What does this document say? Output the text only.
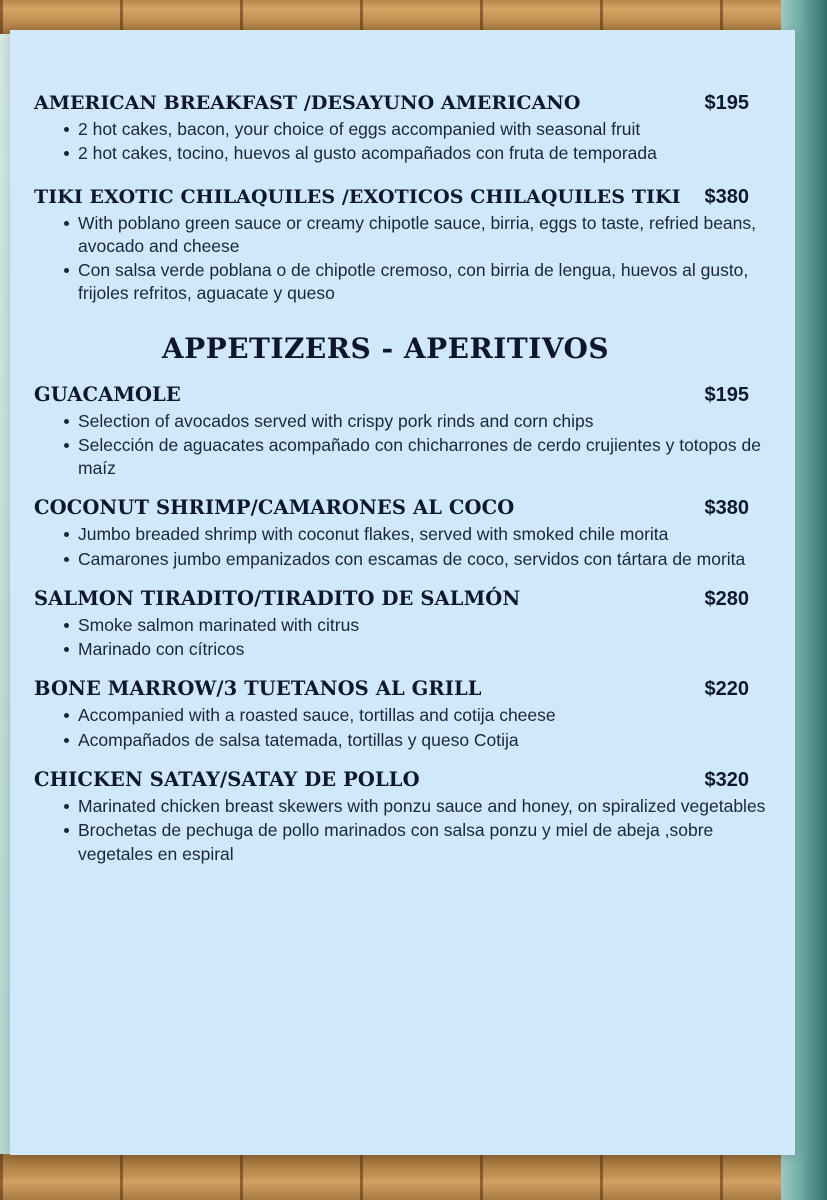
AMERICAN BREAKFAST /DESAYUNO AMERICANO	$195
2 hot cakes, bacon, your choice of eggs accompanied with seasonal fruit
2 hot cakes, tocino, huevos al gusto acompañados con fruta de temporada
TIKI EXOTIC CHILAQUILES /EXOTICOS CHILAQUILES TIKI $380
With poblano green sauce or creamy chipotle sauce, birria, eggs to taste, refried beans, avocado and cheese
Con salsa verde poblana o de chipotle cremoso, con birria de lengua, huevos al gusto, frijoles refritos, aguacate y queso
APPETIZERS - APERITIVOS
GUACAMOLE	$195
Selection of avocados served with crispy pork rinds and corn chips
Selección de aguacates acompañado con chicharrones de cerdo crujientes y totopos de maíz
COCONUT SHRIMP/CAMARONES AL COCO	$380
Jumbo breaded shrimp with coconut flakes, served with smoked chile morita
Camarones jumbo empanizados con escamas de coco, servidos con tártara de morita
SALMON TIRADITO/TIRADITO DE SALMÓN	$280
Smoke salmon marinated with citrus
Marinado con cítricos
BONE MARROW/3 TUETANOS AL GRILL	$220
Accompanied with a roasted sauce, tortillas and cotija cheese
Acompañados de salsa tatemada, tortillas y queso Cotija
CHICKEN SATAY/SATAY DE POLLO	$320
Marinated chicken breast skewers with ponzu sauce and honey, on spiralized vegetables
Brochetas de pechuga de pollo marinados con salsa ponzu y miel de abeja ,sobre vegetales en espiral
